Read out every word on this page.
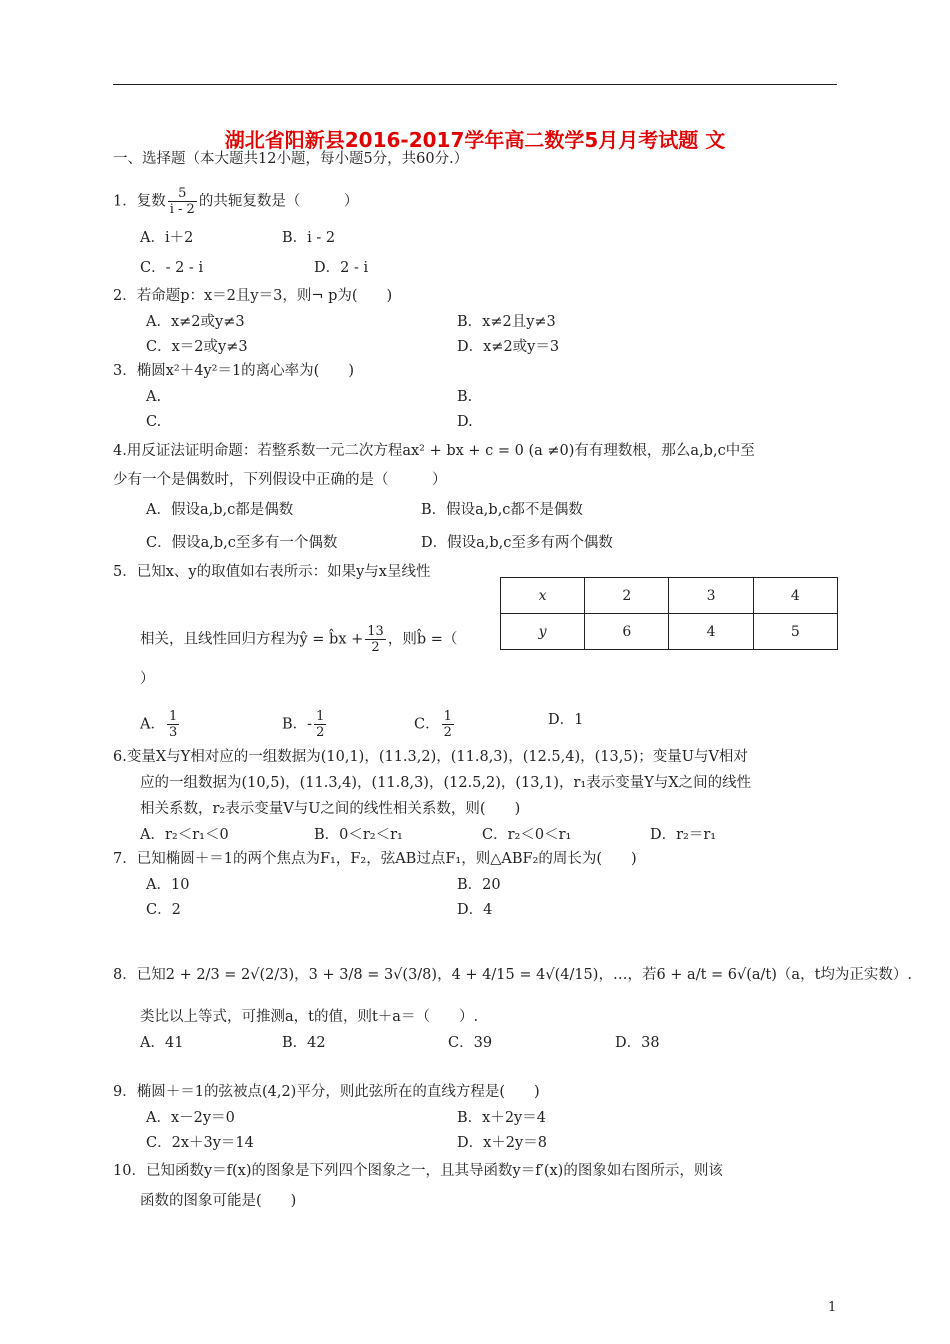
湖北省阳新县2016-2017学年高二数学5月月考试题 文
一、选择题（本大题共12小题，每小题5分，共60分.）
1．复数 $\frac{5}{i - 2}$ 的共轭复数是（　　　）
A．i＋2	B．i - 2
C．- 2 - i	D．2 - i
2．若命题p：x＝2且y＝3，则¬ p为(　　)
A．x≠2或y≠3	B．x≠2且y≠3
C．x＝2或y≠3	D．x≠2或y＝3
3．椭圆x²＋4y²＝1的离心率为(　　)
A.	B.
C.	D.
4.用反证法证明命题：若整系数一元二次方程ax² + bx + c = 0 (a ≠0)有有理数根，那么a,b,c中至
少有一个是偶数时，下列假设中正确的是（　　　）
A．假设a,b,c都是偶数	B．假设a,b,c都不是偶数
C．假设a,b,c至多有一个偶数	D．假设a,b,c至多有两个偶数
5．已知x、y的取值如右表所示：如果y与x呈线性
相关，且线性回归方程为ŷ = b̂x + $\frac{13}{2}$ ，则b̂ =（
）
x	2	3	4
y	6	4	5
A． $\frac{1}{3}$	B．- $\frac{1}{2}$	C． $\frac{1}{2}$	D．1
6.变量X与Y相对应的一组数据为(10,1)，(11.3,2)，(11.8,3)，(12.5,4)，(13,5)；变量U与V相对
应的一组数据为(10,5)，(11.3,4)，(11.8,3)，(12.5,2)，(13,1)，r₁表示变量Y与X之间的线性
相关系数，r₂表示变量V与U之间的线性相关系数，则(　　)
A．r₂＜r₁＜0	B．0＜r₂＜r₁	C．r₂＜0＜r₁	D．r₂＝r₁
7．已知椭圆＋＝1的两个焦点为F₁，F₂，弦AB过点F₁，则△ABF₂的周长为(　　)
A．10	B．20
C．2	D．4
8．已知2 + 2/3 = 2√(2/3)，3 + 3/8 = 3√(3/8)，4 + 4/15 = 4√(4/15)，…，若6 + a/t = 6√(a/t)（a，t均为正实数）.
类比以上等式，可推测a，t的值，则t＋a＝（　　）.
A．41	B．42	C．39	D．38
9．椭圆＋＝1的弦被点(4,2)平分，则此弦所在的直线方程是(　　)
A．x－2y＝0	B．x＋2y＝4
C．2x＋3y＝14	D．x＋2y＝8
10．已知函数y＝f(x)的图象是下列四个图象之一，且其导函数y＝f′(x)的图象如右图所示，则该
函数的图象可能是(　　)
1
